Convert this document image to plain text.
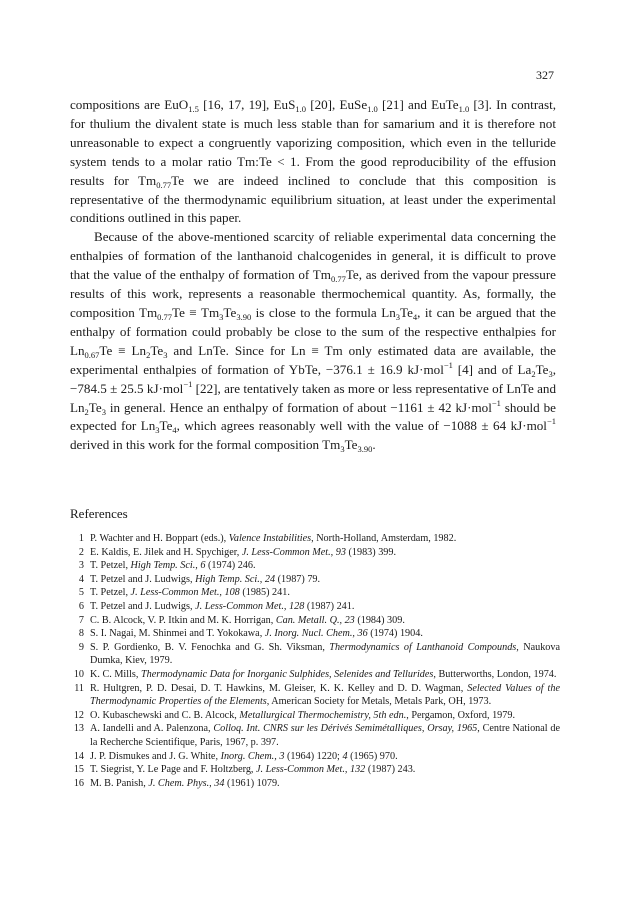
327

compositions are EuO$_{1.5}$ [16, 17, 19], EuS$_{1.0}$ [20], EuSe$_{1.0}$ [21] and EuTe$_{1.0}$ [3]. In contrast, for thulium the divalent state is much less stable than for samarium and it is therefore not unreasonable to expect a congruently vaporizing composition, which even in the telluride system tends to a molar ratio Tm:Te < 1. From the good reproducibility of the effusion results for $Tm_{0.77}Te$ we are indeed inclined to conclude that this composition is representative of the thermodynamic equilibrium situation, at least under the experimental conditions outlined in this paper.

Because of the above-mentioned scarcity of reliable experimental data concerning the enthalpies of formation of the lanthanoid chalcogenides in general, it is difficult to prove that the value of the enthalpy of formation of $Tm_{0.77}Te$, as derived from the vapour pressure results of this work, represents a reasonable thermochemical quantity. As, formally, the composition $Tm_{0.77}Te \equiv Tm_3Te_{3.90}$ is close to the formula $Ln_3Te_4$, it can be argued that the enthalpy of formation could probably be close to the sum of the respective enthalpies for $Ln_{0.67}Te \equiv Ln_2Te_3$ and LnTe. Since for Ln ≡ Tm only estimated data are available, the experimental enthalpies of formation of YbTe, −376.1 ± 16.9 kJ·mol$^{-1}$ [4] and of $La_2Te_3$, −784.5 ± 25.5 kJ·mol$^{-1}$ [22], are tentatively taken as more or less representative of LnTe and $Ln_2Te_3$ in general. Hence an enthalpy of formation of about −1161 ± 42 kJ·mol$^{-1}$ should be expected for $Ln_3Te_4$, which agrees reasonably well with the value of −1088 ± 64 kJ·mol$^{-1}$ derived in this work for the formal composition $Tm_3Te_{3.90}$.

References
1 P. Wachter and H. Boppart (eds.), Valence Instabilities, North-Holland, Amsterdam, 1982.
2 E. Kaldis, E. Jilek and H. Spychiger, J. Less-Common Met., 93 (1983) 399.
3 T. Petzel, High Temp. Sci., 6 (1974) 246.
4 T. Petzel and J. Ludwigs, High Temp. Sci., 24 (1987) 79.
5 T. Petzel, J. Less-Common Met., 108 (1985) 241.
6 T. Petzel and J. Ludwigs, J. Less-Common Met., 128 (1987) 241.
7 C. B. Alcock, V. P. Itkin and M. K. Horrigan, Can. Metall. Q., 23 (1984) 309.
8 S. I. Nagai, M. Shinmei and T. Yokokawa, J. Inorg. Nucl. Chem., 36 (1974) 1904.
9 S. P. Gordienko, B. V. Fenochka and G. Sh. Viksman, Thermodynamics of Lanthanoid Compounds, Naukova Dumka, Kiev, 1979.
10 K. C. Mills, Thermodynamic Data for Inorganic Sulphides, Selenides and Tellurides, Butterworths, London, 1974.
11 R. Hultgren, P. D. Desai, D. T. Hawkins, M. Gleiser, K. K. Kelley and D. D. Wagman, Selected Values of the Thermodynamic Properties of the Elements, American Society for Metals, Metals Park, OH, 1973.
12 O. Kubaschewski and C. B. Alcock, Metallurgical Thermochemistry, 5th edn., Pergamon, Oxford, 1979.
13 A. Iandelli and A. Palenzona, Colloq. Int. CNRS sur les Dérivés Semimétalliques, Orsay, 1965, Centre National de la Recherche Scientifique, Paris, 1967, p. 397.
14 J. P. Dismukes and J. G. White, Inorg. Chem., 3 (1964) 1220; 4 (1965) 970.
15 T. Siegrist, Y. Le Page and F. Holtzberg, J. Less-Common Met., 132 (1987) 243.
16 M. B. Panish, J. Chem. Phys., 34 (1961) 1079.
